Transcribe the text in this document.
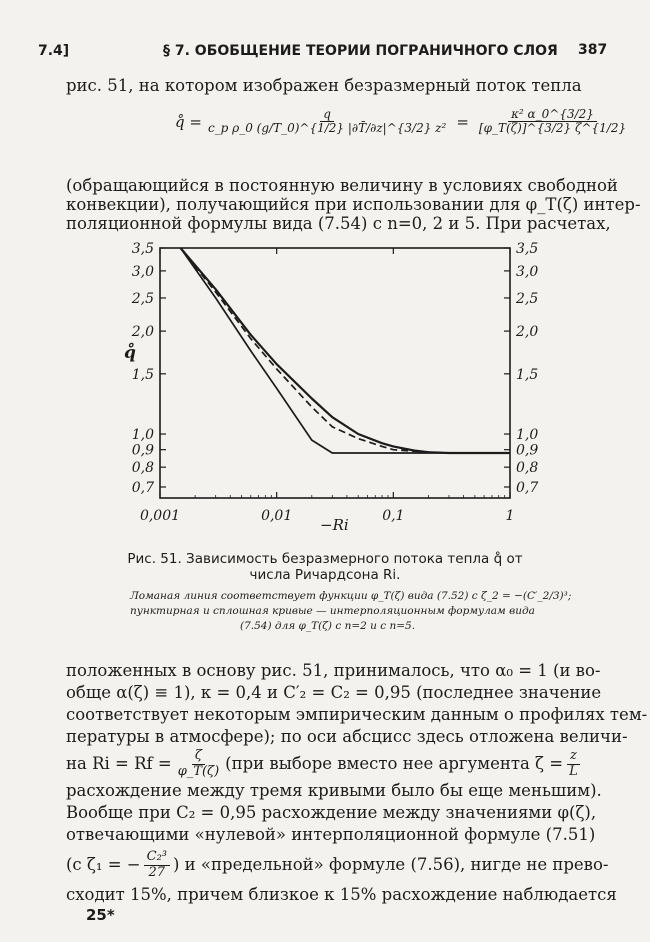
7.4]	§ 7. ОБОБЩЕНИЕ ТЕОРИИ ПОГРАНИЧНОГО СЛОЯ 387
рис. 51, на котором изображен безразмерный поток тепла
q̊ = $\frac{q}{\text{c\_p ρ\_0 (g/T\_0)\textasciicircum{}\{1/2\} |∂T̄/∂z|\textasciicircum{}\{3/2\} z²}} = \frac{\text{κ² α\_0\textasciicircum{}\{3/2\}}}{[\varphi\_T(\zeta)]\^{}\{3/2\} \zeta\^{}\{1/2\}}$
(обращающийся в постоянную величину в условиях свободной
конвекции), получающийся при использовании для φ_T(ζ) интер-
поляционной формулы вида (7.54) с n=0, 2 и 5. При расчетах,
3,5
3,0
2,5
2,0
1,5
1,0
0,9
0,8
0,7
3,5
3,0
2,5
2,0
1,5
1,0
0,9
0,8
0,7
0,001	0,01	0,1	1
q̊
−Ri
Рис. 51. Зависимость безразмерного потока тепла q̊ от
числа Ричардсона Ri.
Ломаная линия соответствует функции φ_T(ζ) вида (7.52) с ζ_2 = −(C′_2/3)³;
пунктирная и сплошная кривые — интерполяционным формулам вида
(7.54) для φ_T(ζ) с n=2 и с n=5.
положенных в основу рис. 51, принималось, что α₀ = 1 (и во-
обще α(ζ) ≡ 1), κ = 0,4 и C′₂ = C₂ = 0,95 (последнее значение
соответствует некоторым эмпирическим данным о профилях тем-
пературы в атмосфере); по оси абсцисс здесь отложена величи-
на $Ri = Rf = \frac{\zeta}{\varphi\_T(\zeta)} (при$ выборе вместо нее аргумента $\zeta = \frac{z}{L}$
расхождение между тремя кривыми было бы еще меньшим).
Вообще при C₂ = 0,95 расхождение между значениями φ(ζ),
отвечающими «нулевой» интерполяционной формуле (7.51)
(с ζ₁ = − $\frac{\text{C₂³}}{27}$ ) и «предельной» формуле (7.56), нигде не прево-
сходит 15%, причем близкое к 15% расхождение наблюдается
25*
